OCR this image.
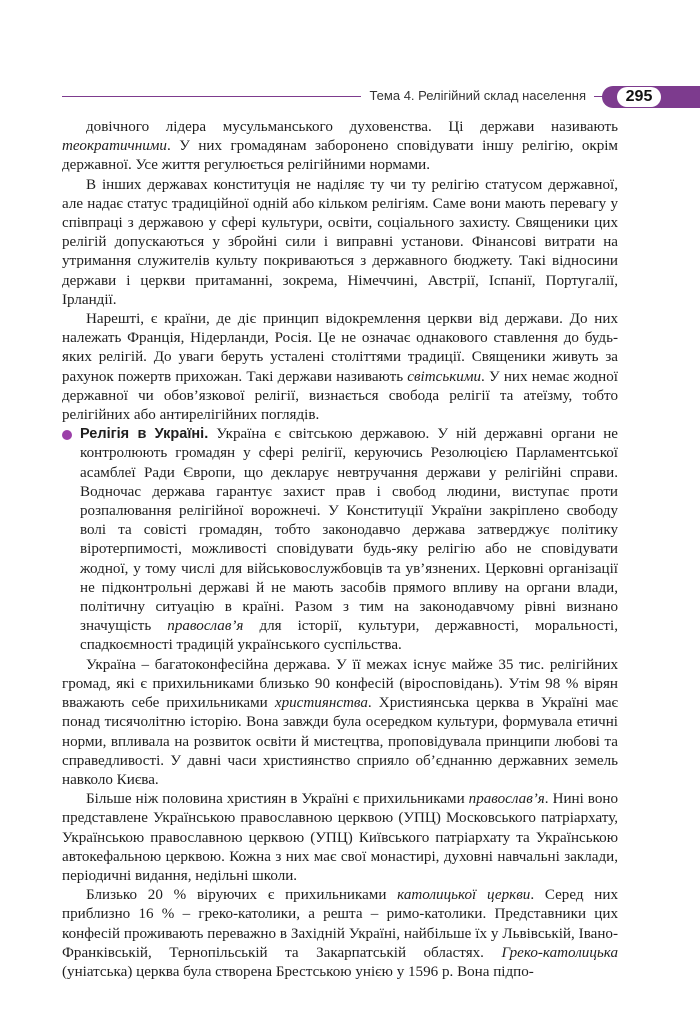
Тема 4. Релігійний склад населення	295

довічного лідера мусульманського духовенства. Ці держави називають теократичними. У них громадянам заборонено сповідувати іншу релігію, окрім державної. Усе життя регулюється релігійними нормами.

В інших державах конституція не наділяє ту чи ту релігію статусом державної, але надає статус традиційної одній або кільком релігіям. Саме вони мають перевагу у співпраці з державою у сфері культури, освіти, соціального захисту. Священики цих релігій допускаються у збройні сили і виправні установи. Фінансові витрати на утримання служителів культу покриваються з державного бюджету. Такі відносини держави і церкви притаманні, зокрема, Німеччині, Австрії, Іспанії, Португалії, Ірландії.

Нарешті, є країни, де діє принцип відокремлення церкви від держави. До них належать Франція, Нідерланди, Росія. Це не означає однакового ставлення до будь-яких релігій. До уваги беруть усталені століттями традиції. Священики живуть за рахунок пожертв прихожан. Такі держави називають світськими. У них немає жодної державної чи обов’язкової релігії, визнається свобода релігії та атеїзму, тобто релігійних або антирелігійних поглядів.

Релігія в Україні. Україна є світською державою. У ній державні органи не контролюють громадян у сфері релігії, керуючись Резолюцією Парламентської асамблеї Ради Європи, що декларує невтручання держави у релігійні справи. Водночас держава гарантує захист прав і свобод людини, виступає проти розпалювання релігійної ворожнечі. У Конституції України закріплено свободу волі та совісті громадян, тобто законодавчо держава затверджує політику віротерпимості, можливості сповідувати будь-яку релігію або не сповідувати жодної, у тому числі для військовослужбовців та ув’язнених. Церковні організації не підконтрольні державі й не мають засобів прямого впливу на органи влади, політичну ситуацію в країні. Разом з тим на законодавчому рівні визнано значущість православ’я для історії, культури, державності, моральності, спадкоємності традицій українського суспільства.

Україна – багатоконфесійна держава. У її межах існує майже 35 тис. релігійних громад, які є прихильниками близько 90 конфесій (віросповідань). Утім 98 % вірян вважають себе прихильниками християнства. Християнська церква в Україні має понад тисячолітню історію. Вона завжди була осередком культури, формувала етичні норми, впливала на розвиток освіти й мистецтва, проповідувала принципи любові та справедливості. У давні часи християнство сприяло об’єднанню державних земель навколо Києва.

Більше ніж половина християн в Україні є прихильниками православ’я. Нині воно представлене Українською православною церквою (УПЦ) Московського патріархату, Українською православною церквою (УПЦ) Київського патріархату та Українською автокефальною церквою. Кожна з них має свої монастирі, духовні навчальні заклади, періодичні видання, недільні школи.

Близько 20 % віруючих є прихильниками католицької церкви. Серед них приблизно 16 % – греко-католики, а решта – римо-католики. Представники цих конфесій проживають переважно в Західній Україні, найбільше їх у Львівській, Івано-Франківській, Тернопільській та Закарпатській областях. Греко-католицька (уніатська) церква була створена Брестською унією у 1596 р. Вона підпо-
